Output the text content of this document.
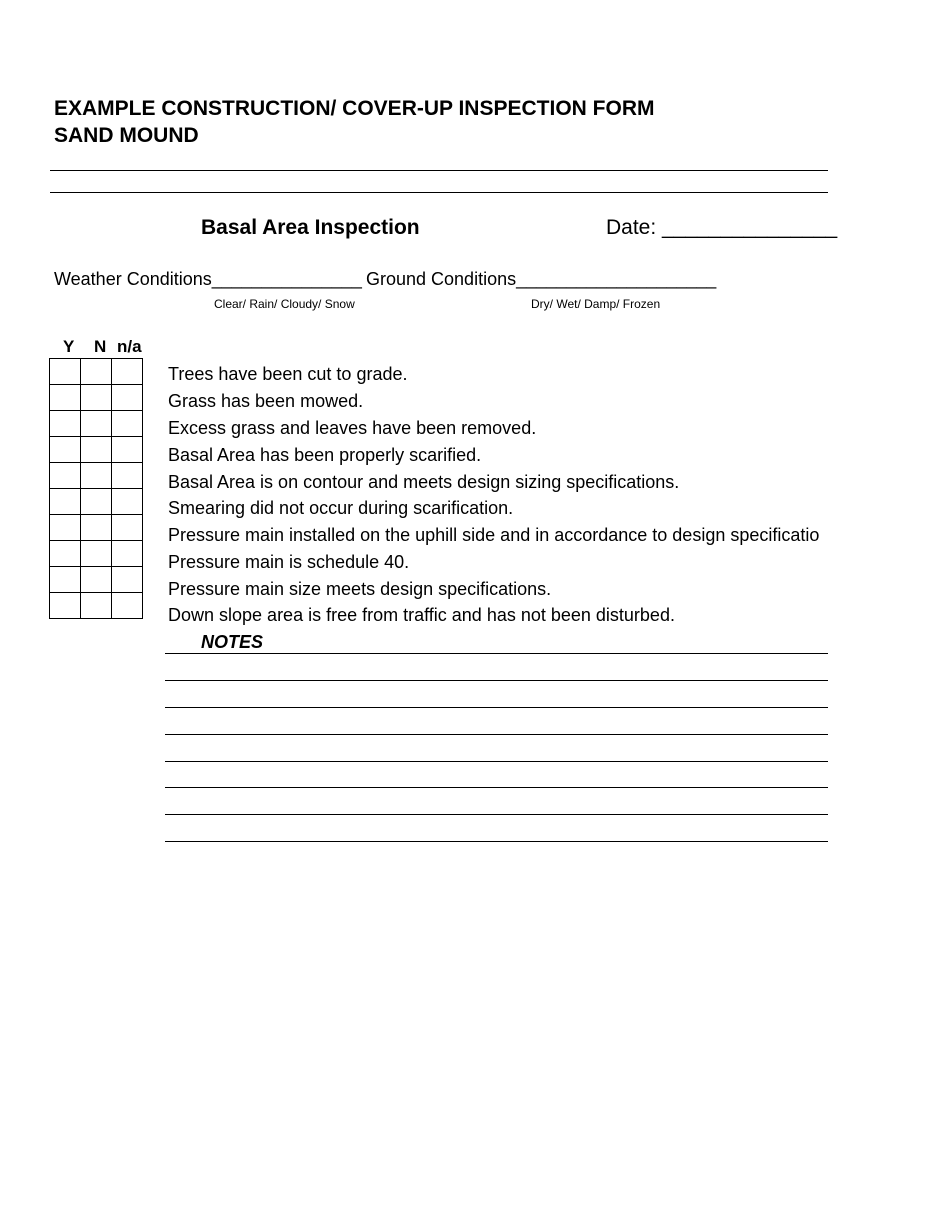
EXAMPLE CONSTRUCTION/ COVER-UP INSPECTION FORM
SAND MOUND
Basal Area Inspection	Date: _______________
Weather Conditions_______________
Clear/ Rain/ Cloudy/ Snow
Ground Conditions____________________
Dry/ Wet/ Damp/ Frozen
Y N n/a

Trees have been cut to grade.
Grass has been mowed.
Excess grass and leaves have been removed.
Basal Area has been properly scarified.
Basal Area is on contour and meets design sizing specifications.
Smearing did not occur during scarification.
Pressure main installed on the uphill side and in accordance to design specificatio
Pressure main is schedule 40.
Pressure main size meets design specifications.
Down slope area is free from traffic and has not been disturbed.
NOTES
